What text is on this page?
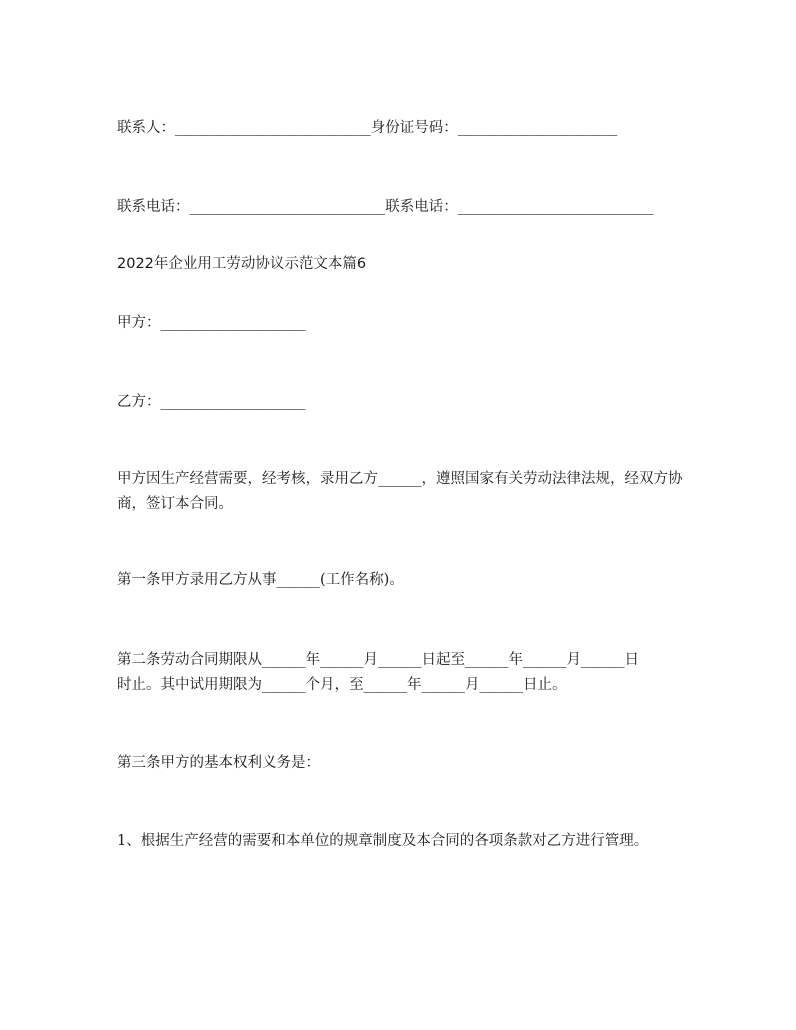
联系人：___________________________身份证号码：______________________
联系电话：___________________________联系电话：___________________________
2022年企业用工劳动协议示范文本篇6
甲方：____________________
乙方：____________________
甲方因生产经营需要，经考核，录用乙方______，遵照国家有关劳动法律法规，经双方协商，签订本合同。
第一条甲方录用乙方从事______(工作名称)。
第二条劳动合同期限从______年______月______日起至______年______月______日
时止。其中试用期限为______个月，至______年______月______日止。
第三条甲方的基本权利义务是：
1、根据生产经营的需要和本单位的规章制度及本合同的各项条款对乙方进行管理。
